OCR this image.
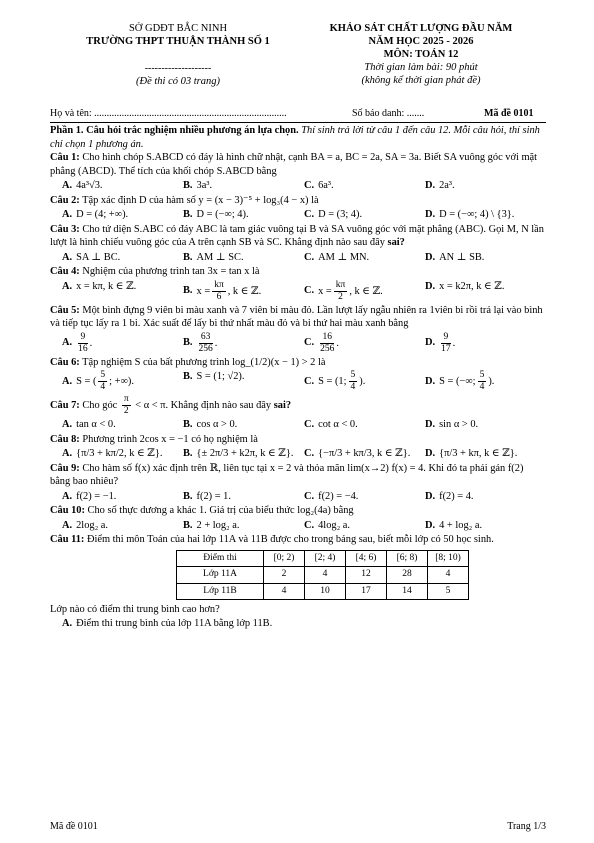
SỞ GDĐT BẮC NINH
TRƯỜNG THPT THUẬN THÀNH SỐ 1
--------------------
(Đề thi có 03 trang)
KHẢO SÁT CHẤT LƯỢNG ĐẦU NĂM
NĂM HỌC 2025 - 2026
MÔN: TOÁN 12
Thời gian làm bài: 90 phút
(không kể thời gian phát đề)
Họ và tên: .............................................................................	Số báo danh: .......	Mã đề 0101

Phần 1. Câu hỏi trắc nghiệm nhiều phương án lựa chọn. Thí sinh trả lời từ câu 1 đến câu 12. Mỗi câu hỏi, thí sinh chỉ chọn 1 phương án.

Câu 1: Cho hình chóp S.ABCD có đáy là hình chữ nhật, cạnh BA = a, BC = 2a, SA = 3a. Biết SA vuông góc với mặt phẳng (ABCD). Thể tích của khối chóp S.ABCD bằng

A. 4a³√3.	B. 3a³.	C. 6a³.	D. 2a³.

Câu 2: Tập xác định D của hàm số y = (x − 3)⁻⁵ + log₃(4 − x) là

A. D = (4; +∞).	B. D = (−∞; 4).	C. D = (3; 4).	D. D = (−∞; 4) \ {3}.

Câu 3: Cho tứ diện S.ABC có đáy ABC là tam giác vuông tại B và SA vuông góc với mặt phẳng (ABC). Gọi M, N lần lượt là hình chiếu vuông góc của A trên cạnh SB và SC. Khẳng định nào sau đây sai?

A. SA ⊥ BC.	B. AM ⊥ SC.	C. AM ⊥ MN.	D. AN ⊥ SB.

Câu 4: Nghiệm của phương trình tan 3x = tan x là

A. x = kπ, k ∈ ℤ.	B. $x = \frac{k\pi}{6}$ , k ∈ ℤ.	C. $x = \frac{k\pi}{2}$ , k ∈ ℤ.	D. x = k2π, k ∈ ℤ.

Câu 5: Một bình đựng 9 viên bi màu xanh và 7 viên bi màu đỏ. Lần lượt lấy ngẫu nhiên ra 1viên bi rồi trả lại vào bình và tiếp tục lấy ra 1 bi. Xác suất để lấy bi thứ nhất màu đỏ và bi thứ hai màu xanh bằng

A. $\frac{9}{16}$ .	B. $\frac{63}{256}$ .	C. $\frac{16}{256}$ .	D. $\frac{9}{17}$ .

Câu 6: Tập nghiệm S của bất phương trình log_(1/2)(x − 1) > 2 là

A. S = ( $\frac{5}{4}$ ; +∞).	B. S = (1; √2).	C. S = (1; $\frac{5}{4}$ ).	D. S = (−∞; $\frac{5}{4}$ ).

Câu 7: Cho góc $\frac{\pi}{2} < \alpha < \pi$. Khẳng định nào sau đây sai?

A. tan α < 0.	B. cos α > 0.	C. cot α < 0.	D. sin α > 0.

Câu 8: Phương trình 2cos x = −1 có họ nghiệm là

A. {π/3 + kπ/2, k ∈ ℤ}.	B. {± 2π/3 + k2π, k ∈ ℤ}.	C. {−π/3 + kπ/3, k ∈ ℤ}.	D. {π/3 + kπ, k ∈ ℤ}.

Câu 9: Cho hàm số f(x) xác định trên ℝ, liên tục tại x = 2 và thỏa mãn lim(x→2) f(x) = 4. Khi đó ta phải gán f(2) bằng bao nhiêu?

A. f(2) = −1.	B. f(2) = 1.	C. f(2) = −4.	D. f(2) = 4.

Câu 10: Cho số thực dương a khác 1. Giá trị của biểu thức log₂(4a) bằng

A. 2log₂ a.	B. 2 + log₂ a.	C. 4log₂ a.	D. 4 + log₂ a.

Câu 11: Điểm thi môn Toán của hai lớp 11A và 11B được cho trong bảng sau, biết mỗi lớp có 50 học sinh.

Điểm thi	[0; 2)	[2; 4)	[4; 6)	[6; 8)	[8; 10)
Lớp 11A	2	4	12	28	4
Lớp 11B	4	10	17	14	5

Lớp nào có điểm thi trung bình cao hơn?

A. Điểm thi trung bình của lớp 11A bằng lớp 11B.
Mã đề 0101	Trang 1/3
